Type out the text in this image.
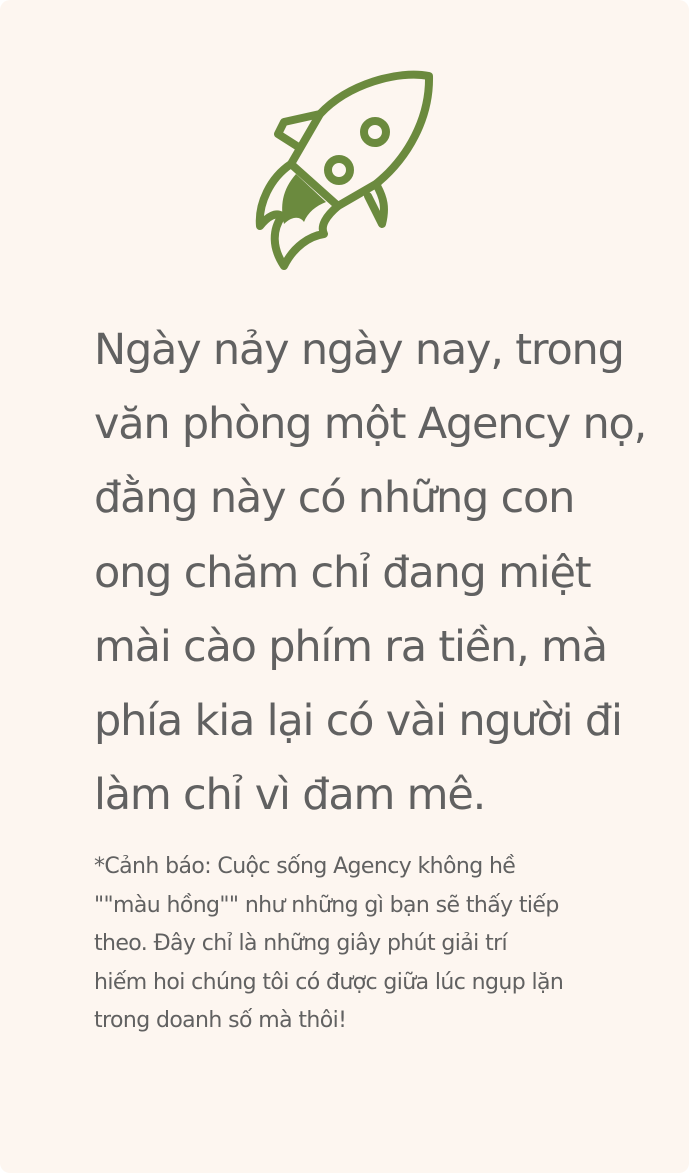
Ngày nảy ngày nay, trong
văn phòng một Agency nọ,
đằng này có những con
ong chăm chỉ đang miệt
mài cào phím ra tiền, mà
phía kia lại có vài người đi
làm chỉ vì đam mê.
*Cảnh báo: Cuộc sống Agency không hề
""màu hồng"" như những gì bạn sẽ thấy tiếp
theo. Đây chỉ là những giây phút giải trí
hiếm hoi chúng tôi có được giữa lúc ngụp lặn
trong doanh số mà thôi!
